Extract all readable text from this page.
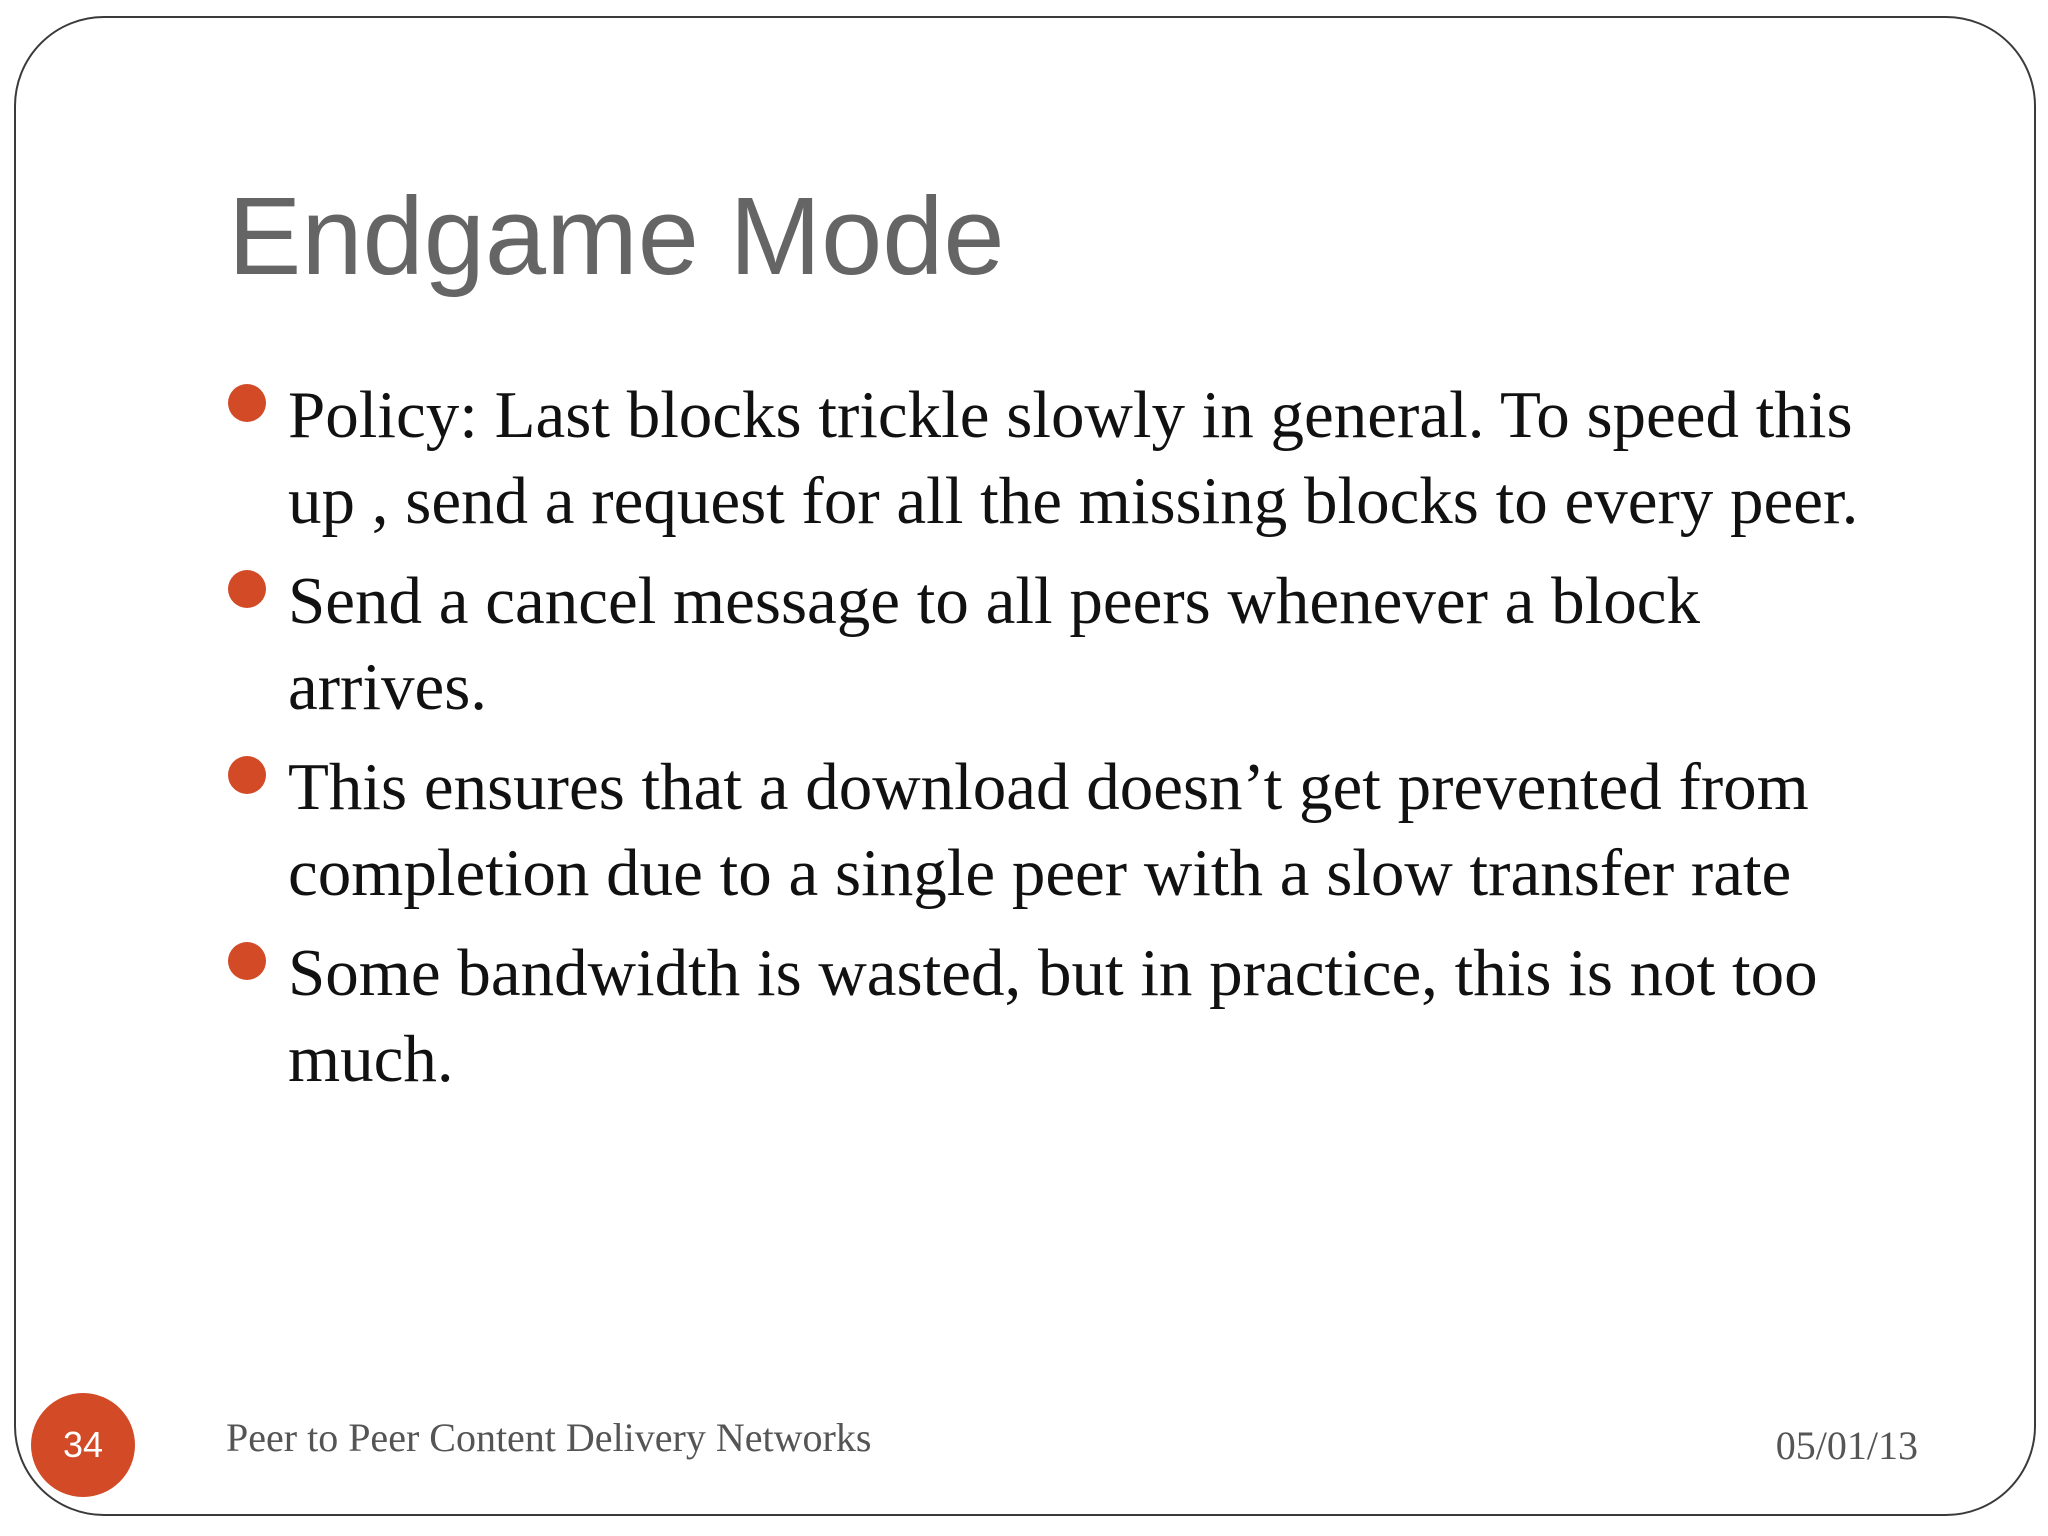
Endgame Mode
Policy: Last blocks trickle slowly in general. To speed this up , send a request for all the missing blocks to every peer.
Send a cancel message to all peers whenever a block arrives.
This ensures that a download doesn’t get prevented from completion due to a single peer with a slow transfer rate
Some bandwidth is wasted, but in practice, this is not too much.
34	Peer to Peer Content Delivery Networks	05/01/13
